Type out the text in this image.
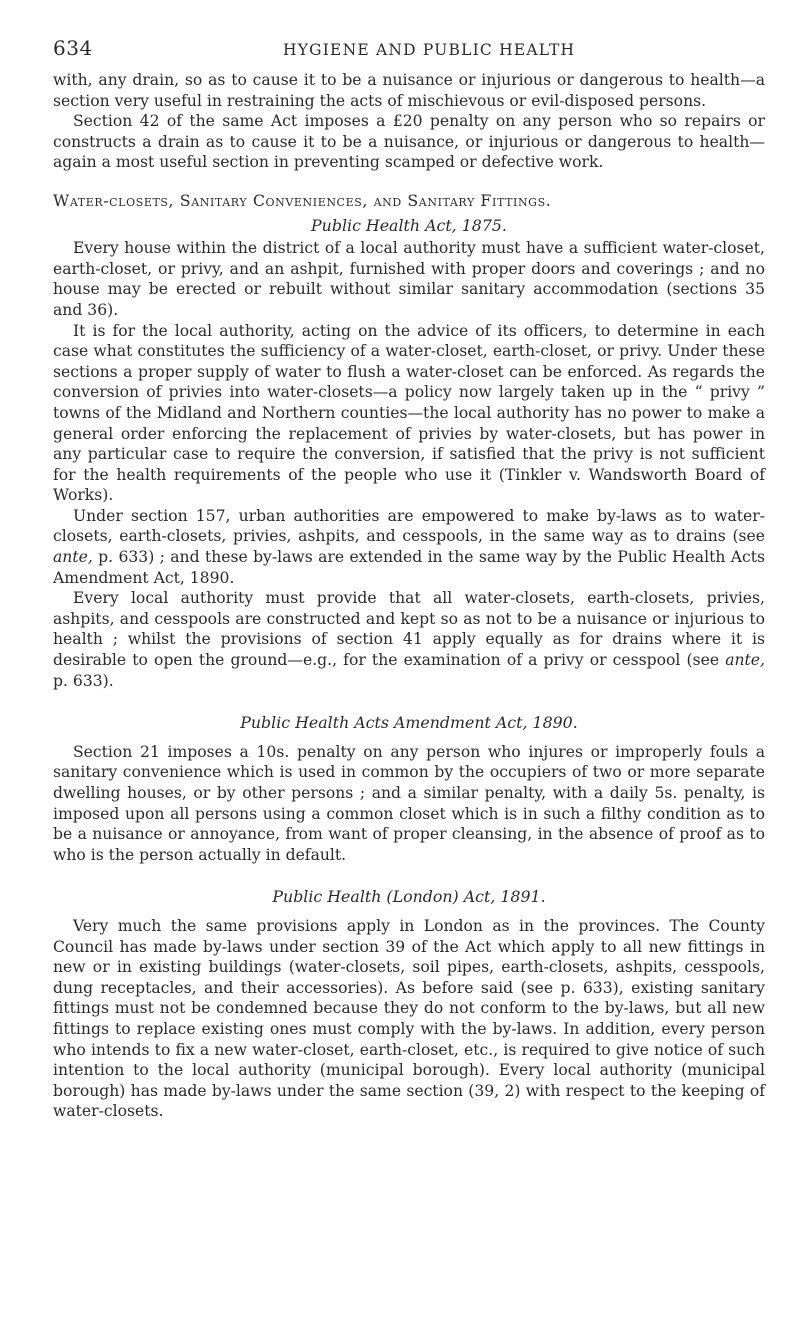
634	HYGIENE AND PUBLIC HEALTH

with, any drain, so as to cause it to be a nuisance or injurious or dangerous to health—a section very useful in restraining the acts of mischievous or evil-disposed persons.

Section 42 of the same Act imposes a £20 penalty on any person who so repairs or constructs a drain as to cause it to be a nuisance, or injurious or dangerous to health—again a most useful section in preventing scamped or defective work.

Water-closets, Sanitary Conveniences, and Sanitary Fittings.
Public Health Act, 1875.

Every house within the district of a local authority must have a sufficient water-closet, earth-closet, or privy, and an ashpit, furnished with proper doors and coverings ; and no house may be erected or rebuilt without similar sanitary accommodation (sections 35 and 36).

It is for the local authority, acting on the advice of its officers, to determine in each case what constitutes the sufficiency of a water-closet, earth-closet, or privy. Under these sections a proper supply of water to flush a water-closet can be enforced. As regards the conversion of privies into water-closets—a policy now largely taken up in the “ privy ” towns of the Midland and Northern counties—the local authority has no power to make a general order enforcing the replacement of privies by water-closets, but has power in any particular case to require the conversion, if satisfied that the privy is not sufficient for the health requirements of the people who use it (Tinkler v. Wandsworth Board of Works).

Under section 157, urban authorities are empowered to make by-laws as to water-closets, earth-closets, privies, ashpits, and cesspools, in the same way as to drains (see ante, p. 633) ; and these by-laws are extended in the same way by the Public Health Acts Amendment Act, 1890.

Every local authority must provide that all water-closets, earth-closets, privies, ashpits, and cesspools are constructed and kept so as not to be a nuisance or injurious to health ; whilst the provisions of section 41 apply equally as for drains where it is desirable to open the ground—e.g., for the examination of a privy or cesspool (see ante, p. 633).

Public Health Acts Amendment Act, 1890.

Section 21 imposes a 10s. penalty on any person who injures or improperly fouls a sanitary convenience which is used in common by the occupiers of two or more separate dwelling houses, or by other persons ; and a similar penalty, with a daily 5s. penalty, is imposed upon all persons using a common closet which is in such a filthy condition as to be a nuisance or annoyance, from want of proper cleansing, in the absence of proof as to who is the person actually in default.

Public Health (London) Act, 1891.

Very much the same provisions apply in London as in the provinces. The County Council has made by-laws under section 39 of the Act which apply to all new fittings in new or in existing buildings (water-closets, soil pipes, earth-closets, ashpits, cesspools, dung receptacles, and their accessories). As before said (see p. 633), existing sanitary fittings must not be condemned because they do not conform to the by-laws, but all new fittings to replace existing ones must comply with the by-laws. In addition, every person who intends to fix a new water-closet, earth-closet, etc., is required to give notice of such intention to the local authority (municipal borough). Every local authority (municipal borough) has made by-laws under the same section (39, 2) with respect to the keeping of water-closets.
